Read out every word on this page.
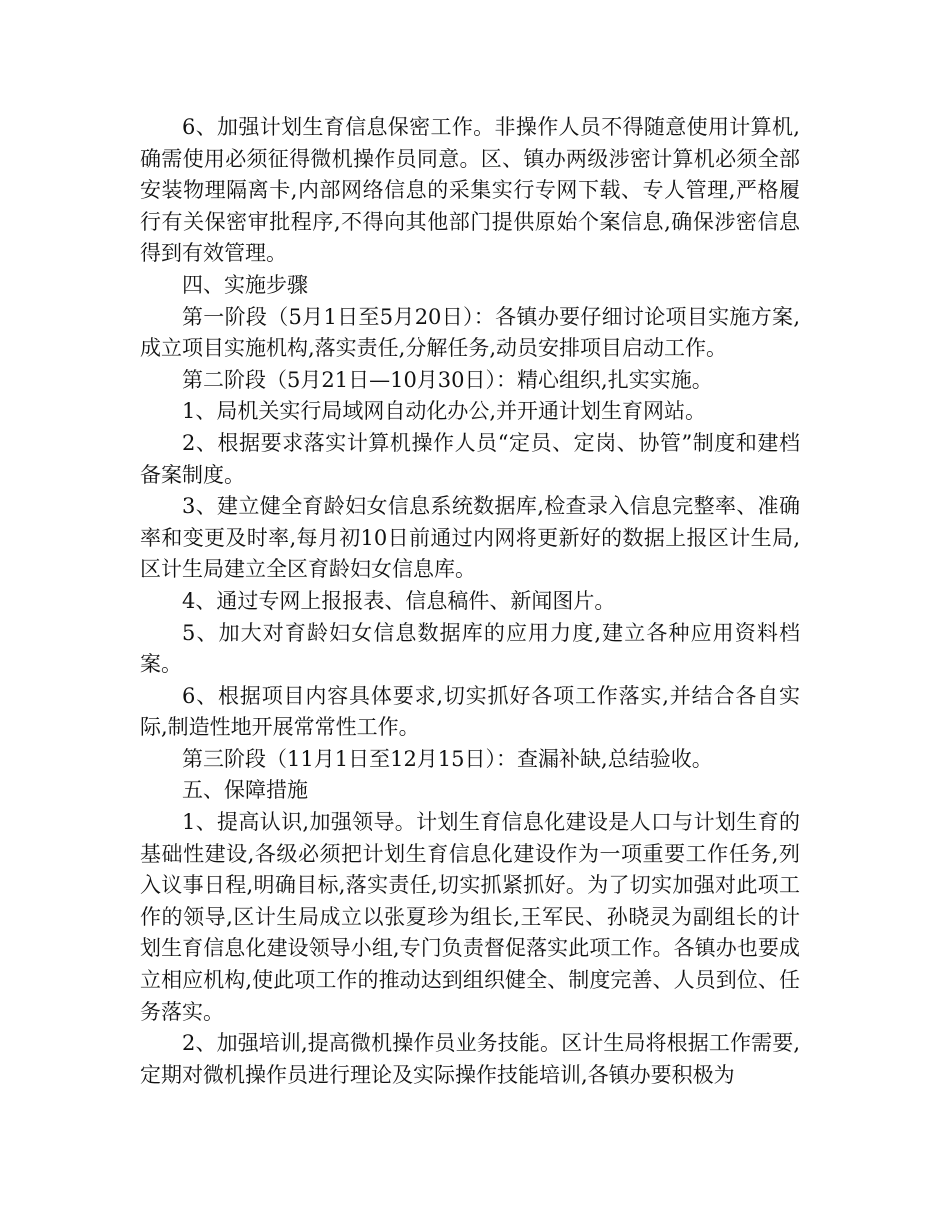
6、加强计划生育信息保密工作。非操作人员不得随意使用计算机,确需使用必须征得微机操作员同意。区、镇办两级涉密计算机必须全部安装物理隔离卡,内部网络信息的采集实行专网下载、专人管理,严格履行有关保密审批程序,不得向其他部门提供原始个案信息,确保涉密信息得到有效管理。

四、实施步骤

第一阶段（5月1日至5月20日）：各镇办要仔细讨论项目实施方案,成立项目实施机构,落实责任,分解任务,动员安排项目启动工作。

第二阶段（5月21日—10月30日）：精心组织,扎实实施。

1、局机关实行局域网自动化办公,并开通计划生育网站。

2、根据要求落实计算机操作人员“定员、定岗、协管”制度和建档备案制度。

3、建立健全育龄妇女信息系统数据库,检查录入信息完整率、准确率和变更及时率,每月初10日前通过内网将更新好的数据上报区计生局,区计生局建立全区育龄妇女信息库。

4、通过专网上报报表、信息稿件、新闻图片。

5、加大对育龄妇女信息数据库的应用力度,建立各种应用资料档案。

6、根据项目内容具体要求,切实抓好各项工作落实,并结合各自实际,制造性地开展常常性工作。

第三阶段（11月1日至12月15日）：查漏补缺,总结验收。

五、保障措施

1、提高认识,加强领导。计划生育信息化建设是人口与计划生育的基础性建设,各级必须把计划生育信息化建设作为一项重要工作任务,列入议事日程,明确目标,落实责任,切实抓紧抓好。为了切实加强对此项工作的领导,区计生局成立以张夏珍为组长,王军民、孙晓灵为副组长的计划生育信息化建设领导小组,专门负责督促落实此项工作。各镇办也要成立相应机构,使此项工作的推动达到组织健全、制度完善、人员到位、任务落实。

2、加强培训,提高微机操作员业务技能。区计生局将根据工作需要,定期对微机操作员进行理论及实际操作技能培训,各镇办要积极为
